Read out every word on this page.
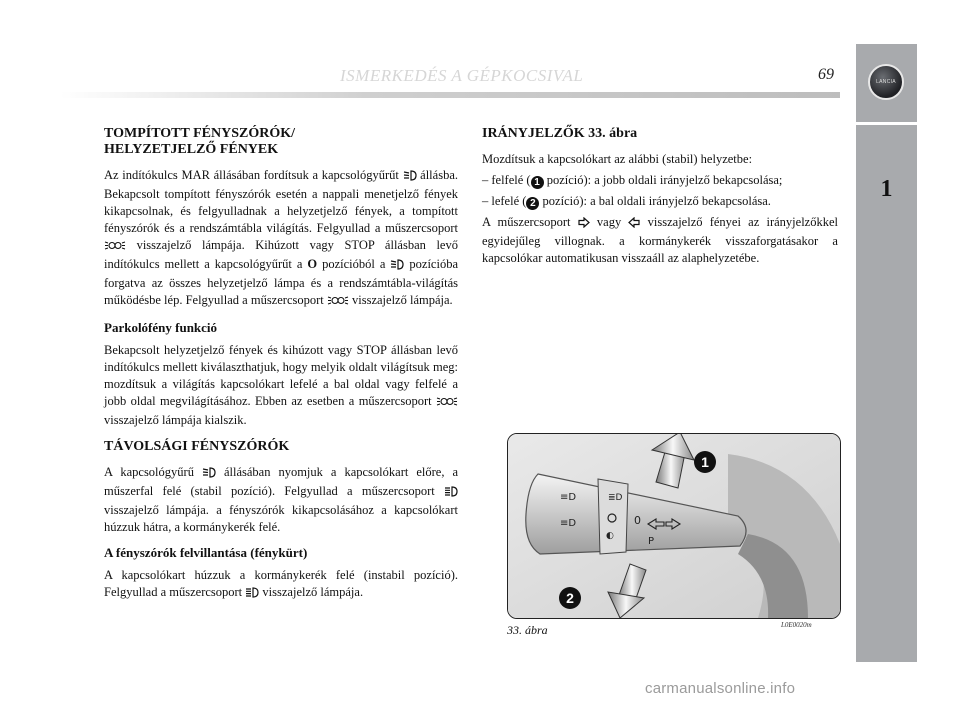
ISMERKEDÉS A GÉPKOCSIVAL	69	LANCIA
1
TOMPÍTOTT FÉNYSZÓRÓK/
HELYZETJELZŐ FÉNYEK

Az indítókulcs MAR állásában fordítsuk a kapcsológyűrűt  állásba. Bekapcsolt tompított fényszórók esetén a nappali menetjelző fények kikapcsolnak, és felgyulladnak a helyzetjelző fények, a tompított fényszórók és a rendszámtábla világítás. Felgyullad a műszercsoport  visszajelző lámpája. Kihúzott vagy STOP állásban levő indítókulcs mellett a kapcsológyűrűt a O pozícióból a  pozícióba forgatva az összes helyzetjelző lámpa és a rendszámtábla-világítás működésbe lép. Felgyullad a műszercsoport  visszajelző lámpája.

Parkolófény funkció

Bekapcsolt helyzetjelző fények és kihúzott vagy STOP állásban levő indítókulcs mellett kiválaszthatjuk, hogy melyik oldalt világítsuk meg: mozdítsuk a világítás kapcsolókart lefelé a bal oldal vagy felfelé a jobb oldal megvilágításához. Ebben az esetben a műszercsoport  visszajelző lámpája kialszik.

TÁVOLSÁGI FÉNYSZÓRÓK

A kapcsológyűrű  állásában nyomjuk a kapcsolókart előre, a műszerfal felé (stabil pozíció). Felgyullad a műszercsoport  visszajelző lámpája. a fényszórók kikapcsolásához a kapcsolókart húzzuk hátra, a kormánykerék felé.

A fényszórók felvillantása (fénykürt)

A kapcsolókart húzzuk a kormánykerék felé (instabil pozíció). Felgyullad a műszercsoport  visszajelző lámpája.

IRÁNYJELZŐK 33. ábra

Mozdítsuk a kapcsolókart az alábbi (stabil) helyzetbe:

– felfelé ( 1 pozíció): a jobb oldali irányjelző bekapcsolása;

– lefelé ( 2 pozíció): a bal oldali irányjelző bekapcsolása.

A műszercsoport  vagy  visszajelző fényei az irányjelzőkkel egyidejűleg villognak. a kormánykerék visszaforgatásakor a kapcsolókar automatikusan visszaáll az alaphelyzetébe.

≡D
≡D
≣D
◐
0
P
1
2
33. ábra	L0E0020m
carmanualsonline.info
